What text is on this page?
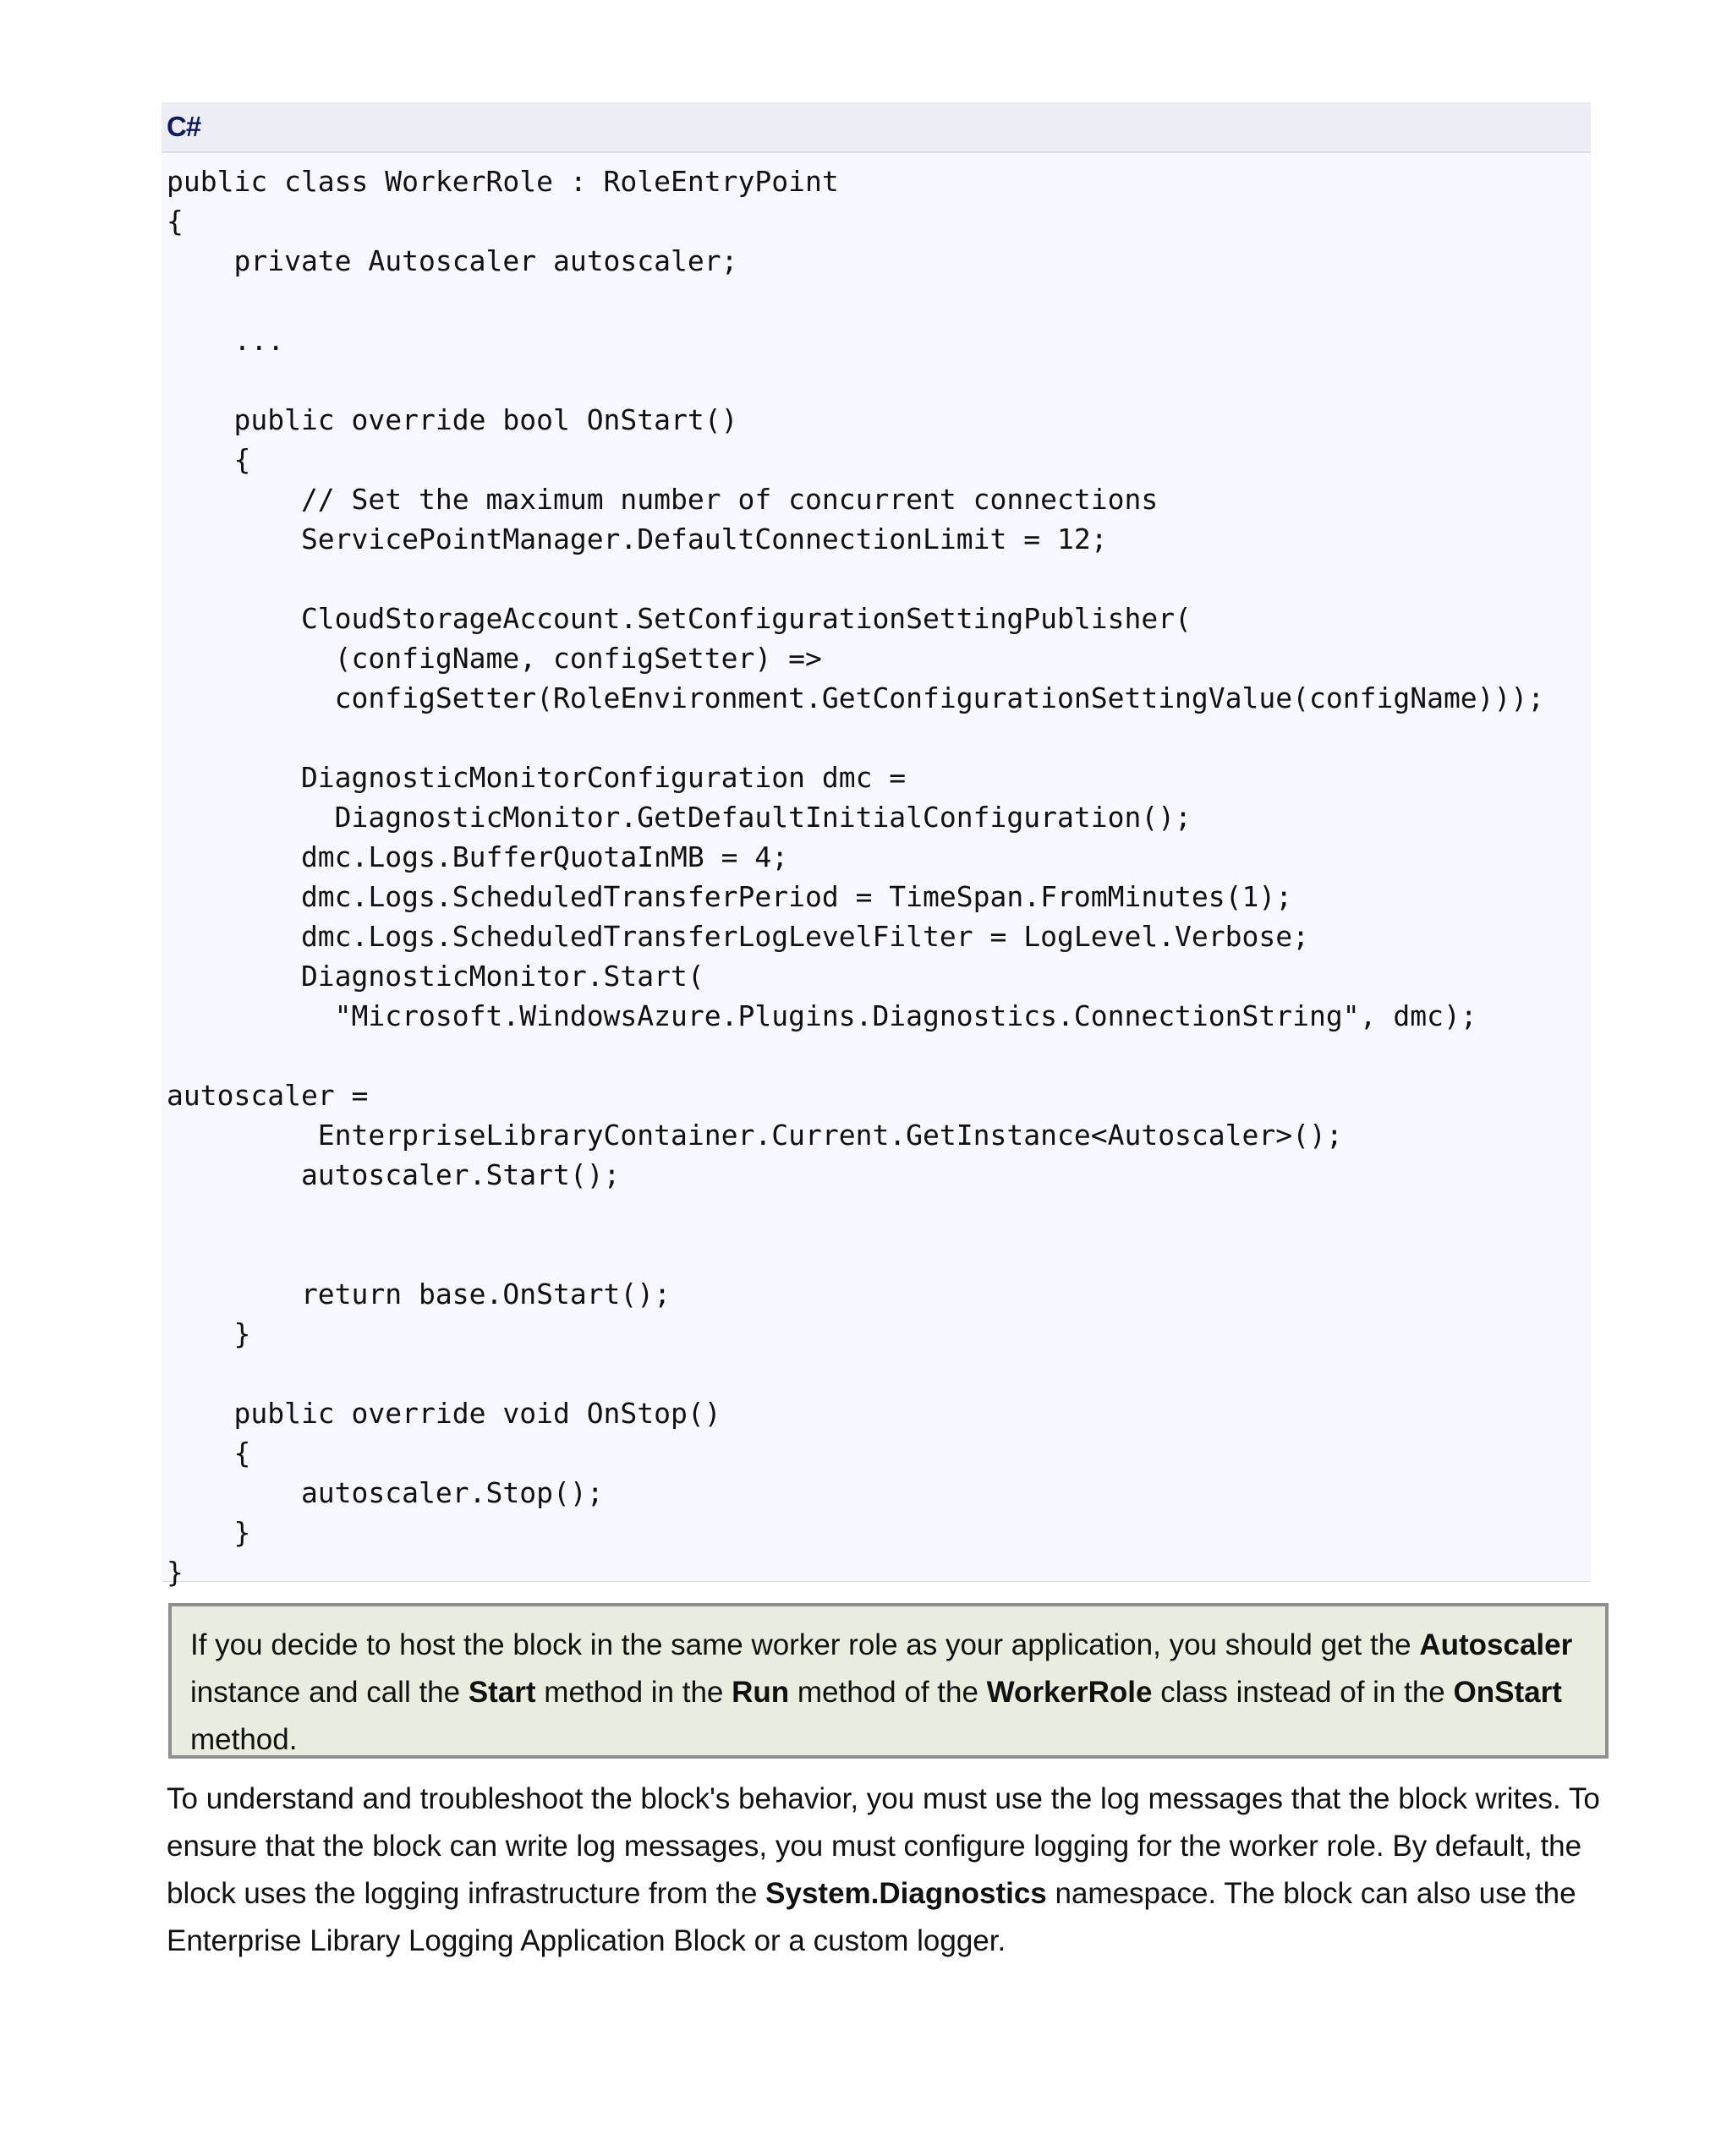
C#
public class WorkerRole : RoleEntryPoint
{
private Autoscaler autoscaler;
...
public override bool OnStart()
{
// Set the maximum number of concurrent connections
ServicePointManager.DefaultConnectionLimit = 12;
CloudStorageAccount.SetConfigurationSettingPublisher(
(configName, configSetter) =>
configSetter(RoleEnvironment.GetConfigurationSettingValue(configName)));
DiagnosticMonitorConfiguration dmc =
DiagnosticMonitor.GetDefaultInitialConfiguration();
dmc.Logs.BufferQuotaInMB = 4;
dmc.Logs.ScheduledTransferPeriod = TimeSpan.FromMinutes(1);
dmc.Logs.ScheduledTransferLogLevelFilter = LogLevel.Verbose;
DiagnosticMonitor.Start(
"Microsoft.WindowsAzure.Plugins.Diagnostics.ConnectionString", dmc);
autoscaler =
EnterpriseLibraryContainer.Current.GetInstance<Autoscaler>();
autoscaler.Start();
return base.OnStart();
}
public override void OnStop()
{
autoscaler.Stop();
}
}
If you decide to host the block in the same worker role as your application, you should get the Autoscaler instance and call the Start method in the Run method of the WorkerRole class instead of in the OnStart method.

To understand and troubleshoot the block's behavior, you must use the log messages that the block writes. To ensure that the block can write log messages, you must configure logging for the worker role. By default, the block uses the logging infrastructure from the System.Diagnostics namespace. The block can also use the Enterprise Library Logging Application Block or a custom logger.
